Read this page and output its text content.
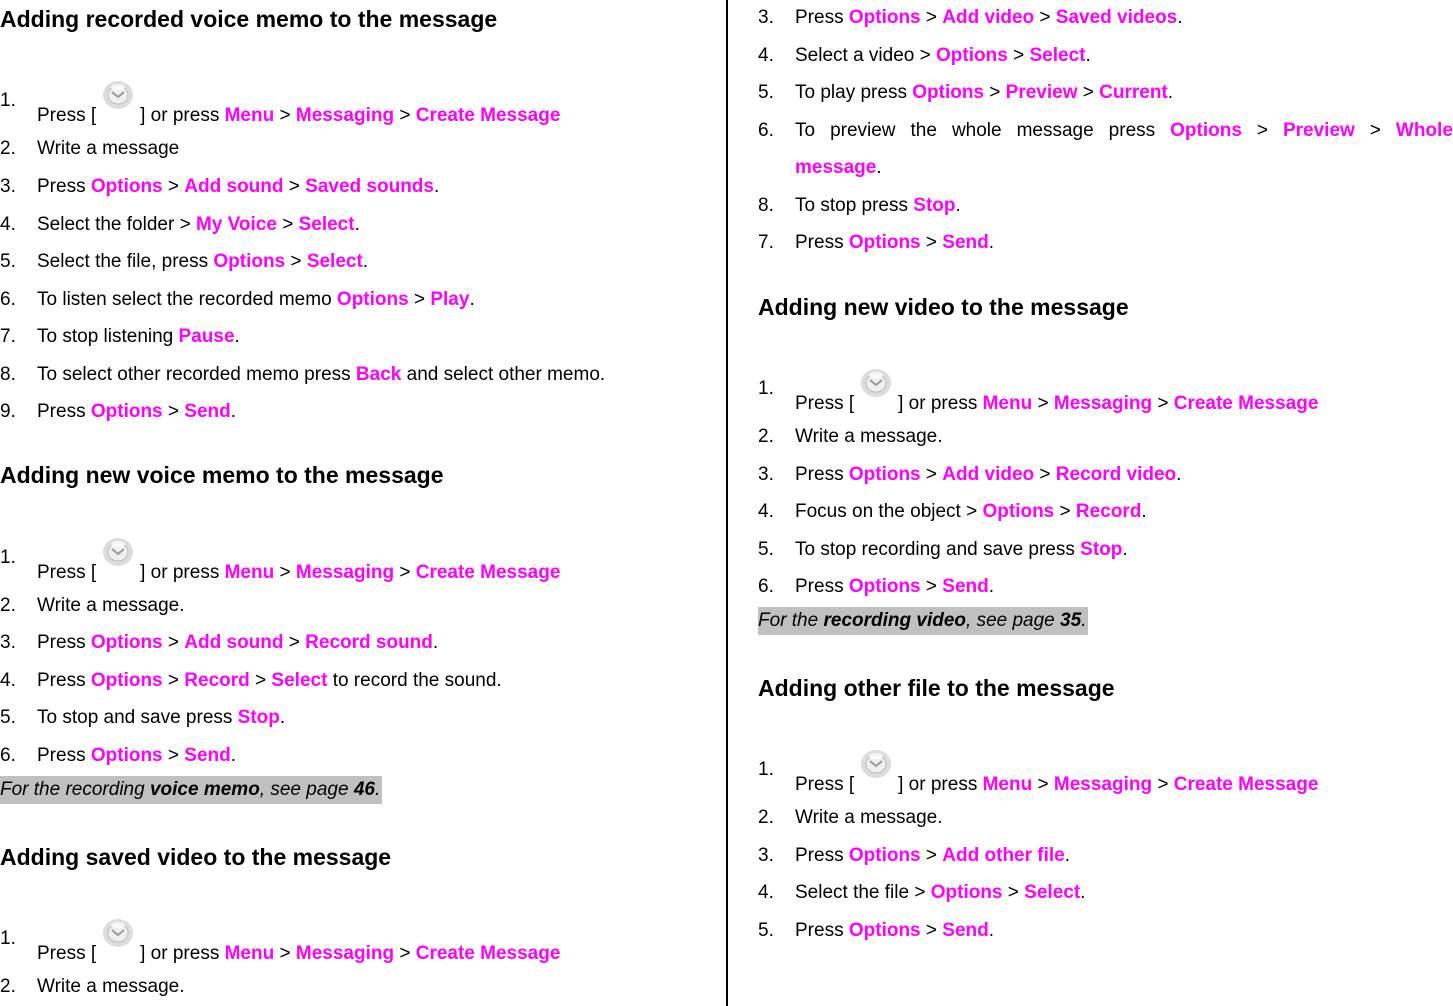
Adding recorded voice memo to the message
1.
Press [ ] or press Menu > Messaging > Create Message
2. Write a message
3. Press Options > Add sound > Saved sounds.
4. Select the folder > My Voice > Select.
5. Select the file, press Options > Select.
6. To listen select the recorded memo Options > Play.
7. To stop listening Pause.
8. To select other recorded memo press Back and select other memo.
9. Press Options > Send.
Adding new voice memo to the message
1.
Press [ ] or press Menu > Messaging > Create Message
2. Write a message.
3. Press Options > Add sound > Record sound.
4. Press Options > Record > Select to record the sound.
5. To stop and save press Stop.
6. Press Options > Send.
For the recording voice memo, see page 46.
Adding saved video to the message
1.
Press [ ] or press Menu > Messaging > Create Message
2. Write a message.
3. Press Options > Add video > Saved videos.
4. Select a video > Options > Select.
5. To play press Options > Preview > Current.
6. To preview the whole message press Options > Preview > Whole
message.
8. To stop press Stop.
7. Press Options > Send.
Adding new video to the message
1.
Press [ ] or press Menu > Messaging > Create Message
2. Write a message.
3. Press Options > Add video > Record video.
4. Focus on the object > Options > Record.
5. To stop recording and save press Stop.
6. Press Options > Send.
For the recording video, see page 35.
Adding other file to the message
1.
Press [ ] or press Menu > Messaging > Create Message
2. Write a message.
3. Press Options > Add other file.
4. Select the file > Options > Select.
5. Press Options > Send.
